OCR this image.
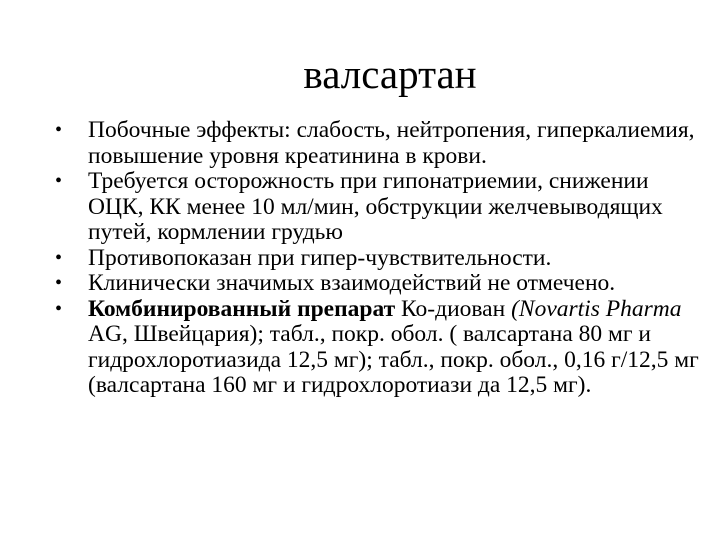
валсартан
• Побочные эффекты: слабость, нейтропения, гиперкалиемия, повышение уровня креатинина в крови.
• Требуется осторожность при гипонатриемии, снижении ОЦК, КК менее 10 мл/мин, обструкции желчевыводящих путей, кормлении грудью
• Противопоказан при гипер-чувствительности.
• Клинически значимых взаимодействий не отмечено.
• Комбинированный препарат Ко-диован (Novartis Pharma AG, Швейцария); табл., покр. обол. ( валсартана 80 мг и гидрохлоротиазида 12,5 мг); табл., покр. обол., 0,16 г/12,5 мг (валсартана 160 мг и гидрохлоротиази да 12,5 мг).
